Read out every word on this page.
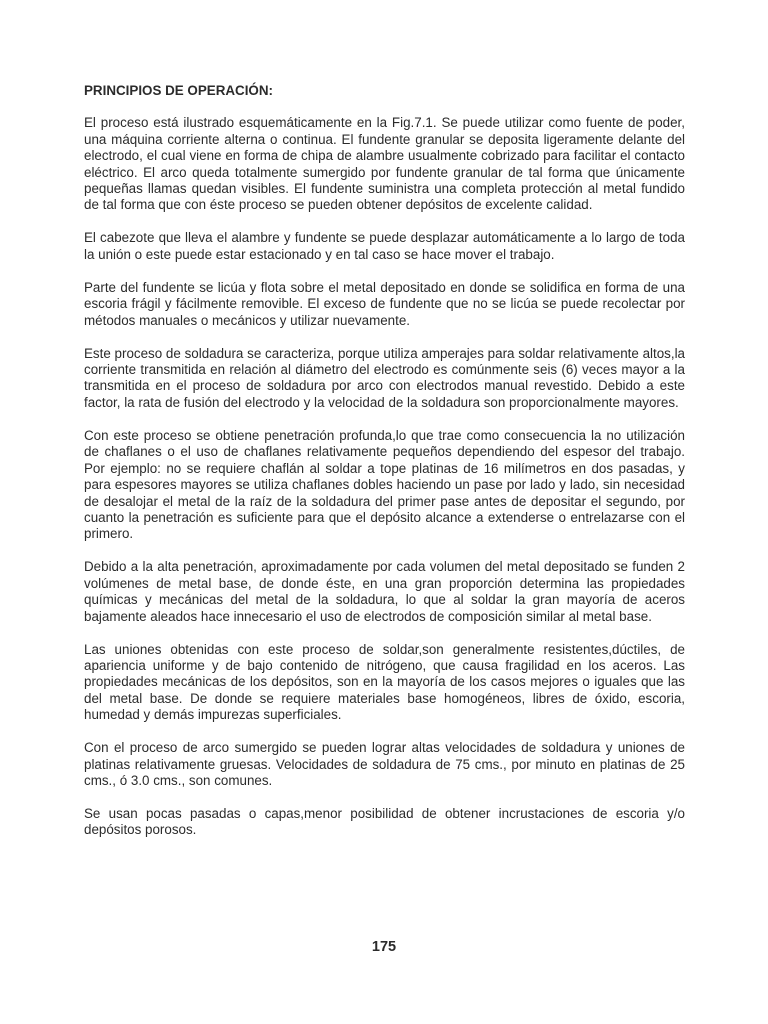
PRINCIPIOS DE OPERACIÓN:

El proceso está ilustrado esquemáticamente en la Fig.7.1. Se puede utilizar como fuente de poder, una máquina corriente alterna o continua. El fundente granular se deposita ligeramente delante del electrodo, el cual viene en forma de chipa de alambre usualmente cobrizado para facilitar el contacto eléctrico. El arco queda totalmente sumergido por fundente granular de tal forma que únicamente pequeñas llamas quedan visibles. El fundente suministra una completa protección al metal fundido de tal forma que con éste proceso se pueden obtener depósitos de excelente calidad.

El cabezote que lleva el alambre y fundente se puede desplazar automáticamente a lo largo de toda la unión o este puede estar estacionado y en tal caso se hace mover el trabajo.

Parte del fundente se licúa y flota sobre el metal depositado en donde se solidifica en forma de una escoria frágil y fácilmente removible. El exceso de fundente que no se licúa se puede recolectar por métodos manuales o mecánicos y utilizar nuevamente.

Este proceso de soldadura se caracteriza, porque utiliza amperajes para soldar relativamente altos,la corriente transmitida en relación al diámetro del electrodo es comúnmente seis (6) veces mayor a la transmitida en el proceso de soldadura por arco con electrodos manual revestido. Debido a este factor, la rata de fusión del electrodo y la velocidad de la soldadura son proporcionalmente mayores.

Con este proceso se obtiene penetración profunda,lo que trae como consecuencia la no utilización de chaflanes o el uso de chaflanes relativamente pequeños dependiendo del espesor del trabajo. Por ejemplo: no se requiere chaflán al soldar a tope platinas de 16 milímetros en dos pasadas, y para espesores mayores se utiliza chaflanes dobles haciendo un pase por lado y lado, sin necesidad de desalojar el metal de la raíz de la soldadura del primer pase antes de depositar el segundo, por cuanto la penetración es suficiente para que el depósito alcance a extenderse o entrelazarse con el primero.

Debido a la alta penetración, aproximadamente por cada volumen del metal depositado se funden 2 volúmenes de metal base, de donde éste, en una gran proporción determina las propiedades químicas y mecánicas del metal de la soldadura, lo que al soldar la gran mayoría de aceros bajamente aleados hace innecesario el uso de electrodos de composición similar al metal base.

Las uniones obtenidas con este proceso de soldar,son generalmente resistentes,dúctiles, de apariencia uniforme y de bajo contenido de nitrógeno, que causa fragilidad en los aceros. Las propiedades mecánicas de los depósitos, son en la mayoría de los casos mejores o iguales que las del metal base. De donde se requiere materiales base homogéneos, libres de óxido, escoria, humedad y demás impurezas superficiales.

Con el proceso de arco sumergido se pueden lograr altas velocidades de soldadura y uniones de platinas relativamente gruesas. Velocidades de soldadura de 75 cms., por minuto en platinas de 25 cms., ó 3.0 cms., son comunes.

Se usan pocas pasadas o capas,menor posibilidad de obtener incrustaciones de escoria y/o depósitos porosos.

175
